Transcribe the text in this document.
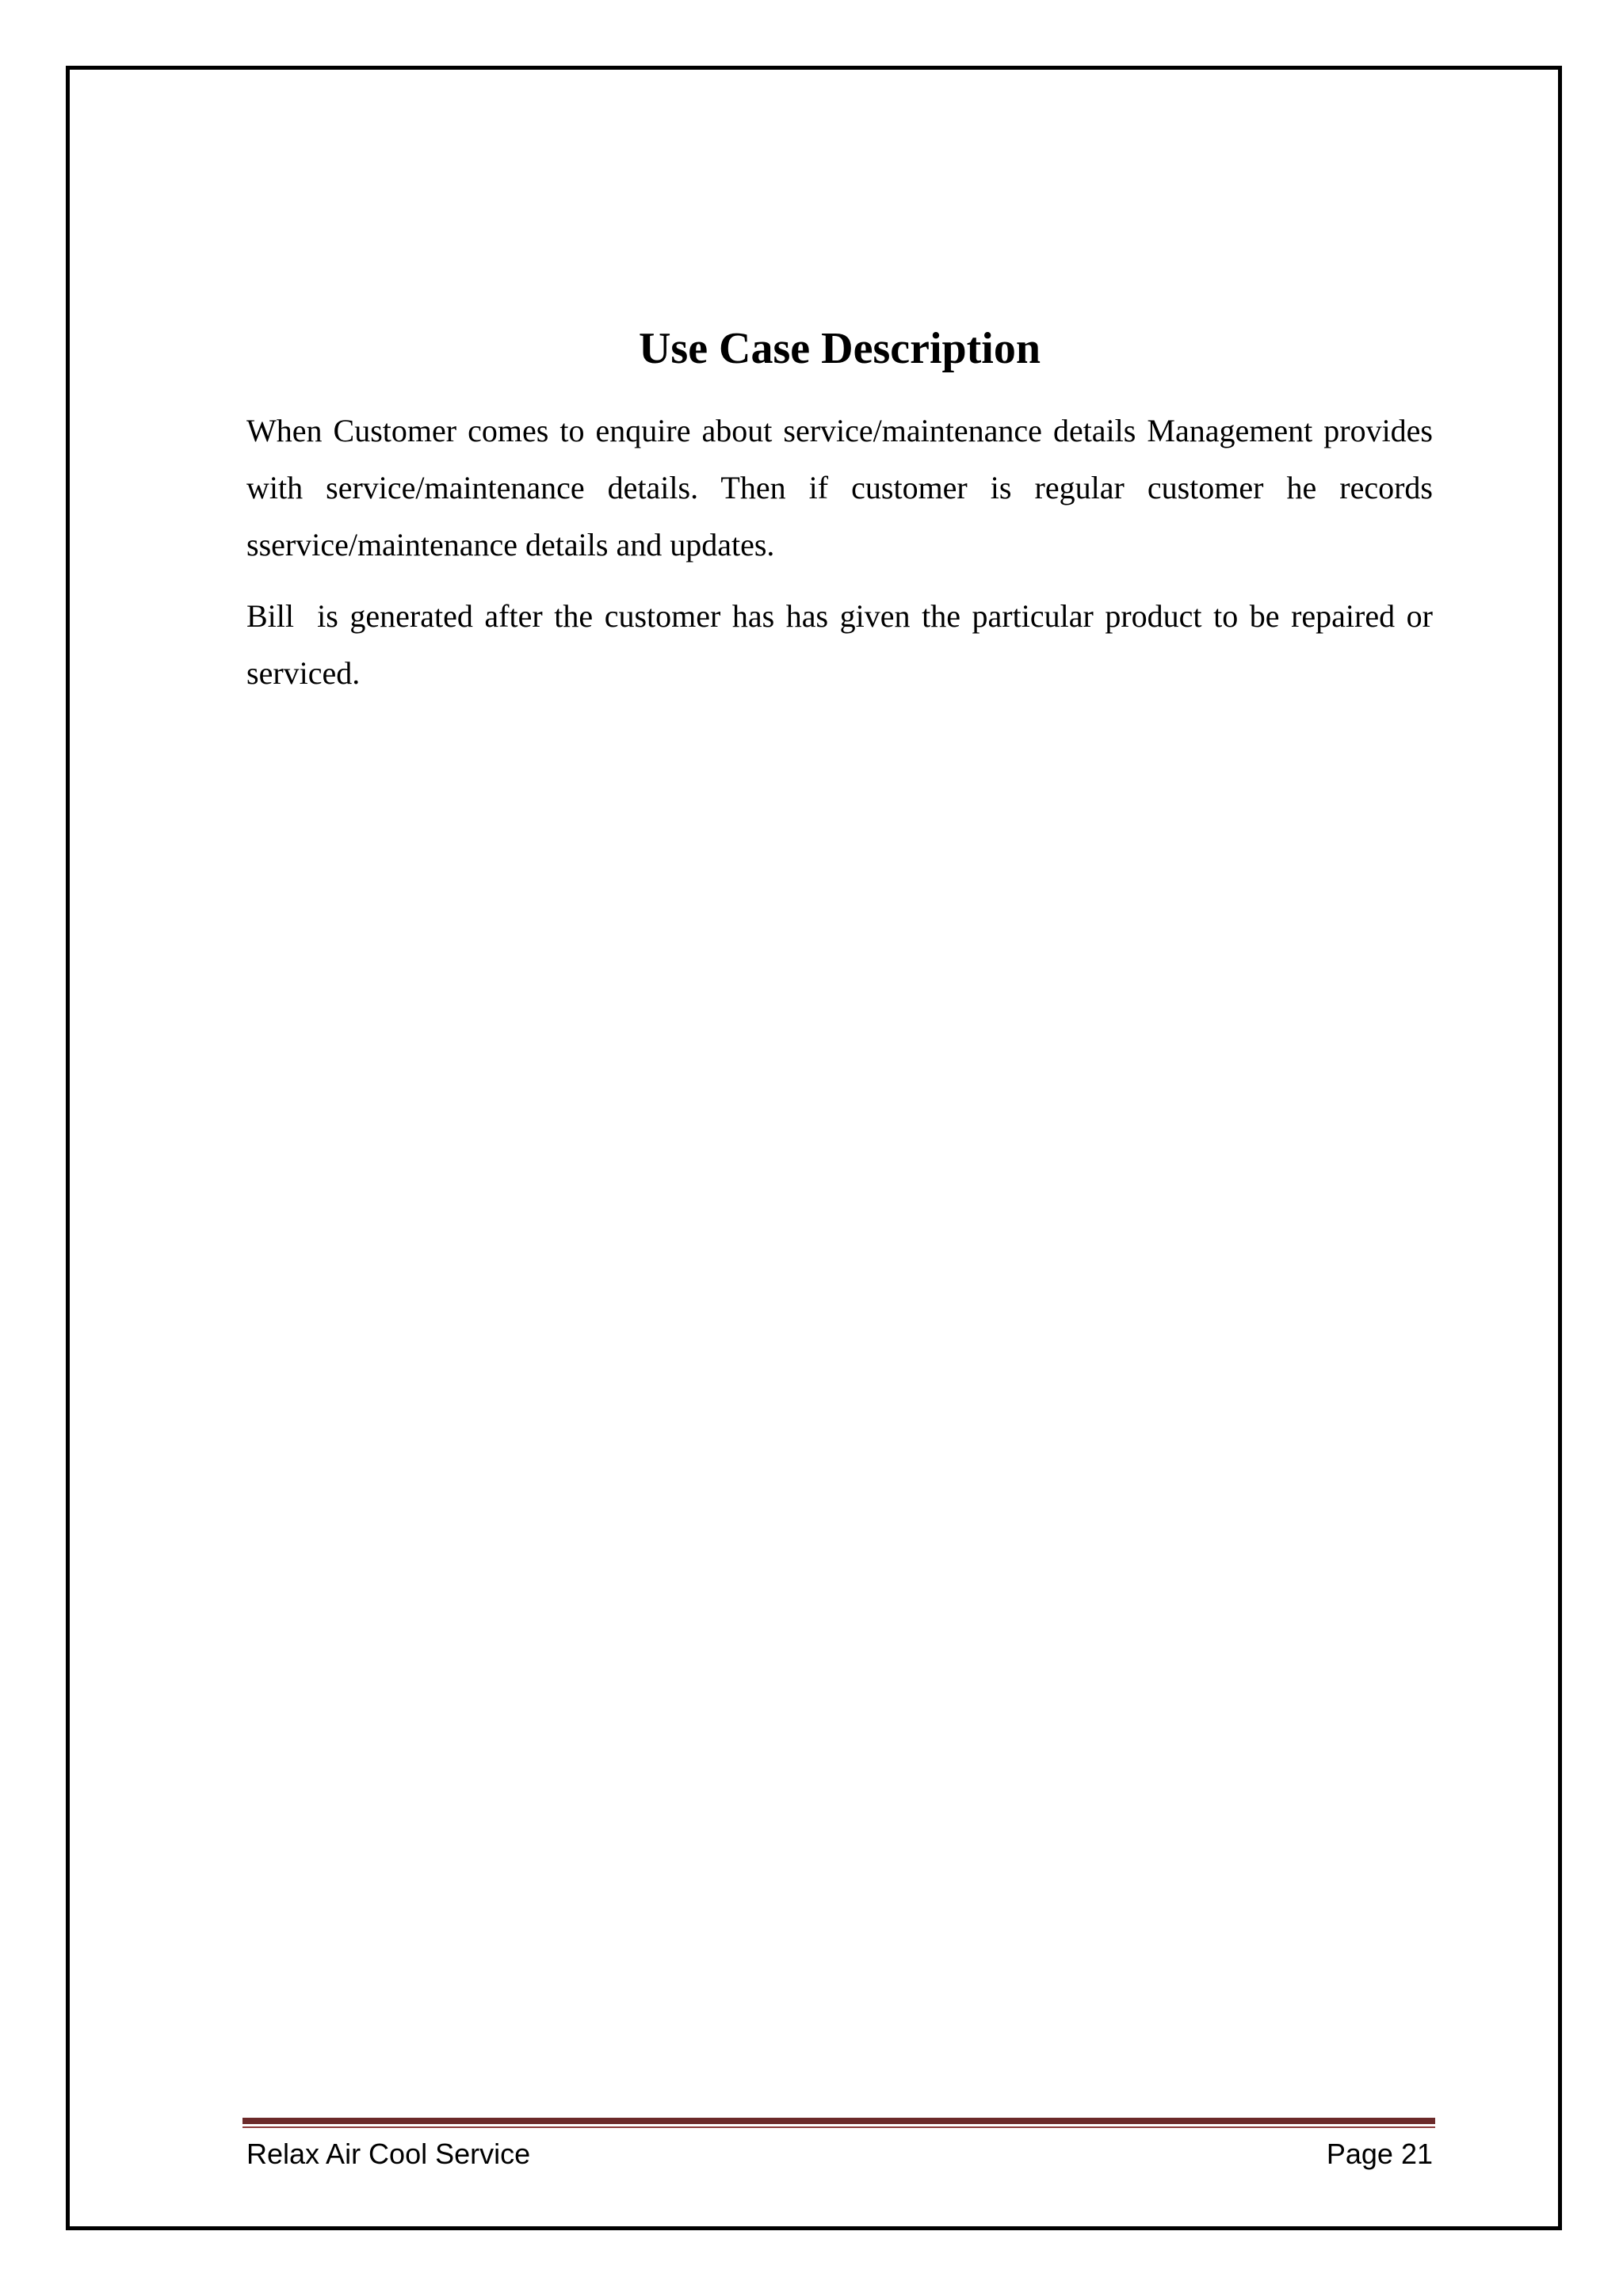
Use Case Description

When Customer comes to enquire about service/maintenance details Management provides with service/maintenance details. Then if customer is regular customer he records sservice/maintenance details and updates.

Bill  is generated after the customer has has given the particular product to be repaired or serviced.

Relax Air Cool Service	Page 21
